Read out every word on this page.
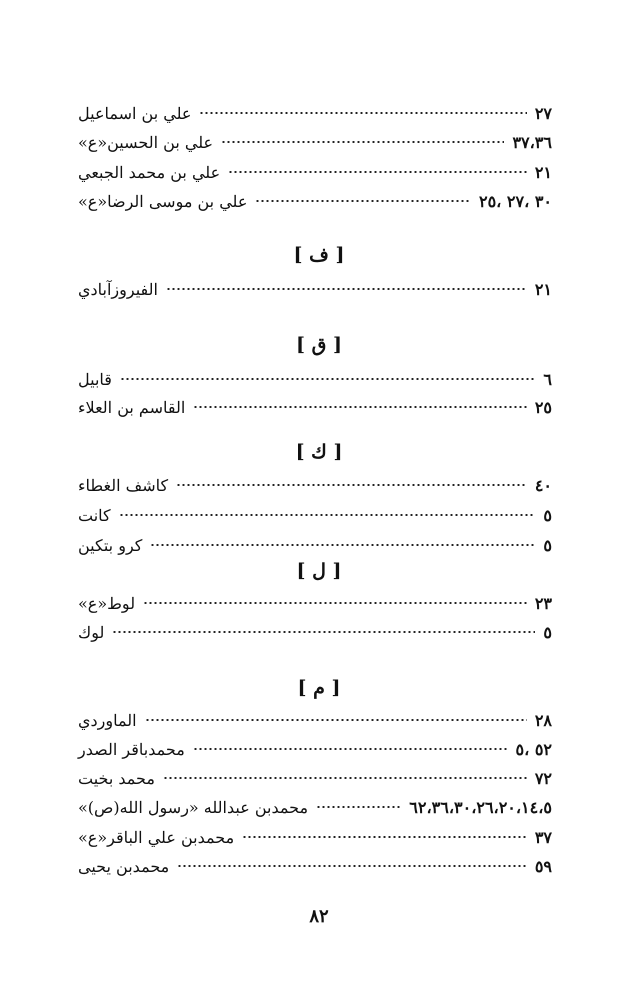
علي بن اسماعيل	٢٧
علي بن الحسين«ع»	٣٧،٣٦
علي بن محمد الجبعي	٢١
علي بن موسى الرضا«ع»	٣٠ ،٢٧ ،٢٥
[ ف ]
الفيروزآبادي	٢١
[ ق ]
قابيل	٦
القاسم بن العلاء	٢٥
[ ك ]
كاشف الغطاء	٤٠
كانت	٥
كرو بتكين	٥
[ ل ]
لوط«ع»	٢٣
لوك	٥
[ م ]
الماوردي	٢٨
محمدباقر الصدر	٥٢ ،٥
محمد بخيت	٧٢
محمدبن عبدالله «رسول الله(ص)»	٦٢،٣٦،٣٠،٢٦،٢٠،١٤،٥
محمدبن علي الباقر«ع»	٣٧
محمدبن يحيى	٥٩
٨٢
